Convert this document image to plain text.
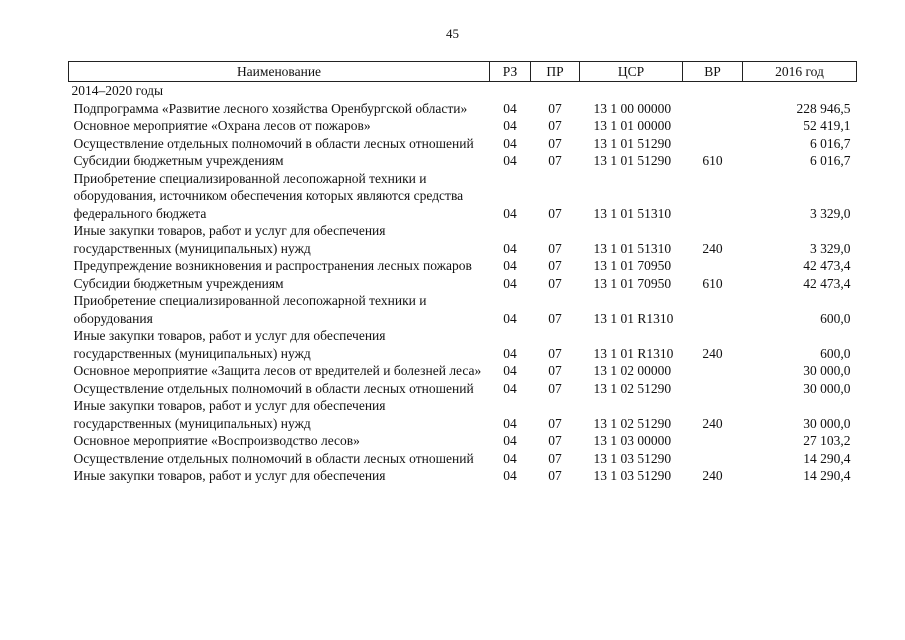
45
Наименование	РЗ	ПР	ЦСР	ВР	2016 год
2014–2020 годы					
Подпрограмма «Развитие лесного хозяйства Оренбургской области»	04	07	13 1 00 00000		228 946,5
Основное мероприятие «Охрана лесов от пожаров»	04	07	13 1 01 00000		52 419,1
Осуществление отдельных полномочий в области лесных отношений	04	07	13 1 01 51290		6 016,7
Субсидии бюджетным учреждениям	04	07	13 1 01 51290	610	6 016,7
Приобретение специализированной лесопожарной техники и оборудования, источником обеспечения которых являются средства федерального бюджета	04	07	13 1 01 51310		3 329,0
Иные закупки товаров, работ и услуг для обеспечения государственных (муниципальных) нужд	04	07	13 1 01 51310	240	3 329,0
Предупреждение возникновения и распространения лесных пожаров	04	07	13 1 01 70950		42 473,4
Субсидии бюджетным учреждениям	04	07	13 1 01 70950	610	42 473,4
Приобретение специализированной лесопожарной техники и оборудования	04	07	13 1 01 R1310		600,0
Иные закупки товаров, работ и услуг для обеспечения государственных (муниципальных) нужд	04	07	13 1 01 R1310	240	600,0
Основное мероприятие «Защита лесов от вредителей и болезней леса»	04	07	13 1 02 00000		30 000,0
Осуществление отдельных полномочий в области лесных отношений	04	07	13 1 02 51290		30 000,0
Иные закупки товаров, работ и услуг для обеспечения государственных (муниципальных) нужд	04	07	13 1 02 51290	240	30 000,0
Основное мероприятие «Воспроизводство лесов»	04	07	13 1 03 00000		27 103,2
Осуществление отдельных полномочий в области лесных отношений	04	07	13 1 03 51290		14 290,4
Иные закупки товаров, работ и услуг для обеспечения	04	07	13 1 03 51290	240	14 290,4
